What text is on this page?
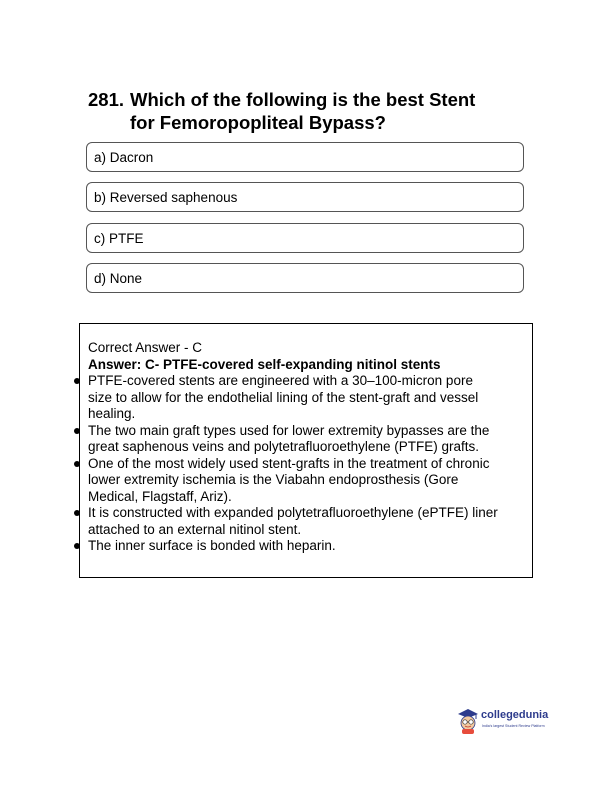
281. Which of the following is the best Stent
for Femoropopliteal Bypass?
a) Dacron
b) Reversed saphenous
c) PTFE
d) None
Correct Answer - C
Answer: C- PTFE-covered self-expanding nitinol stents
PTFE-covered stents are engineered with a 30–100-micron pore
size to allow for the endothelial lining of the stent-graft and vessel
healing.
The two main graft types used for lower extremity bypasses are the
great saphenous veins and polytetrafluoroethylene (PTFE) grafts.
One of the most widely used stent-grafts in the treatment of chronic
lower extremity ischemia is the Viabahn endoprosthesis (Gore
Medical, Flagstaff, Ariz).
It is constructed with expanded polytetrafluoroethylene (ePTFE) liner
attached to an external nitinol stent.
The inner surface is bonded with heparin.
collegedunia
India's largest Student Review Platform
